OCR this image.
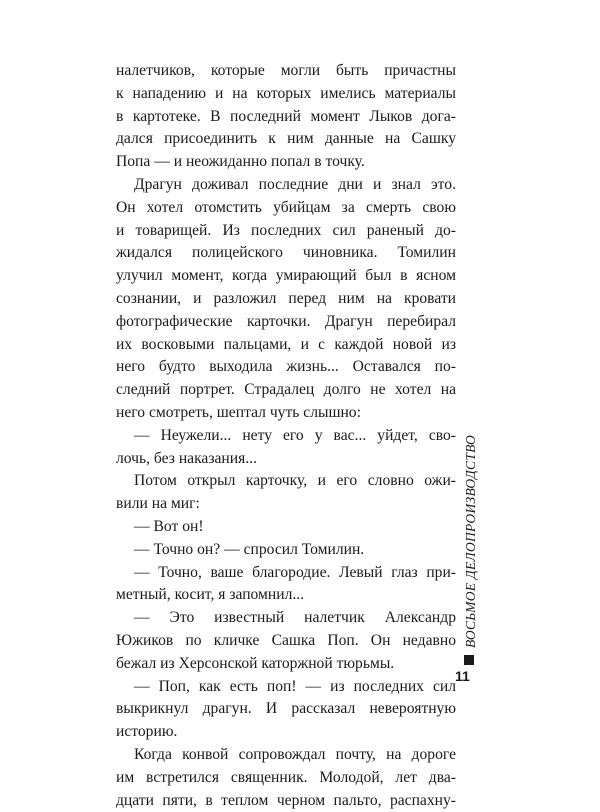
налетчиков, которые могли быть причастны
к нападению и на которых имелись материалы
в картотеке. В последний момент Лыков дога-
дался присоединить к ним данные на Сашку
Попа — и неожиданно попал в точку.
Драгун доживал последние дни и знал это.
Он хотел отомстить убийцам за смерть свою
и товарищей. Из последних сил раненый до-
жидался полицейского чиновника. Томилин
улучил момент, когда умирающий был в ясном
сознании, и разложил перед ним на кровати
фотографические карточки. Драгун перебирал
их восковыми пальцами, и с каждой новой из
него будто выходила жизнь... Оставался по-
следний портрет. Страдалец долго не хотел на
него смотреть, шептал чуть слышно:
— Неужели... нету его у вас... уйдет, сво-
лочь, без наказания...
Потом открыл карточку, и его словно ожи-
вили на миг:
— Вот он!
— Точно он? — спросил Томилин.
— Точно, ваше благородие. Левый глаз при-
метный, косит, я запомнил...
— Это известный налетчик Александр
Южиков по кличке Сашка Поп. Он недавно
бежал из Херсонской каторжной тюрьмы.
— Поп, как есть поп! — из последних сил
выкрикнул драгун. И рассказал невероятную
историю.
Когда конвой сопровождал почту, на дороге
им встретился священник. Молодой, лет два-
дцати пяти, в теплом черном пальто, распахну-
ВОСЬМОЕ ДЕЛОПРОИЗВОДСТВО
11
